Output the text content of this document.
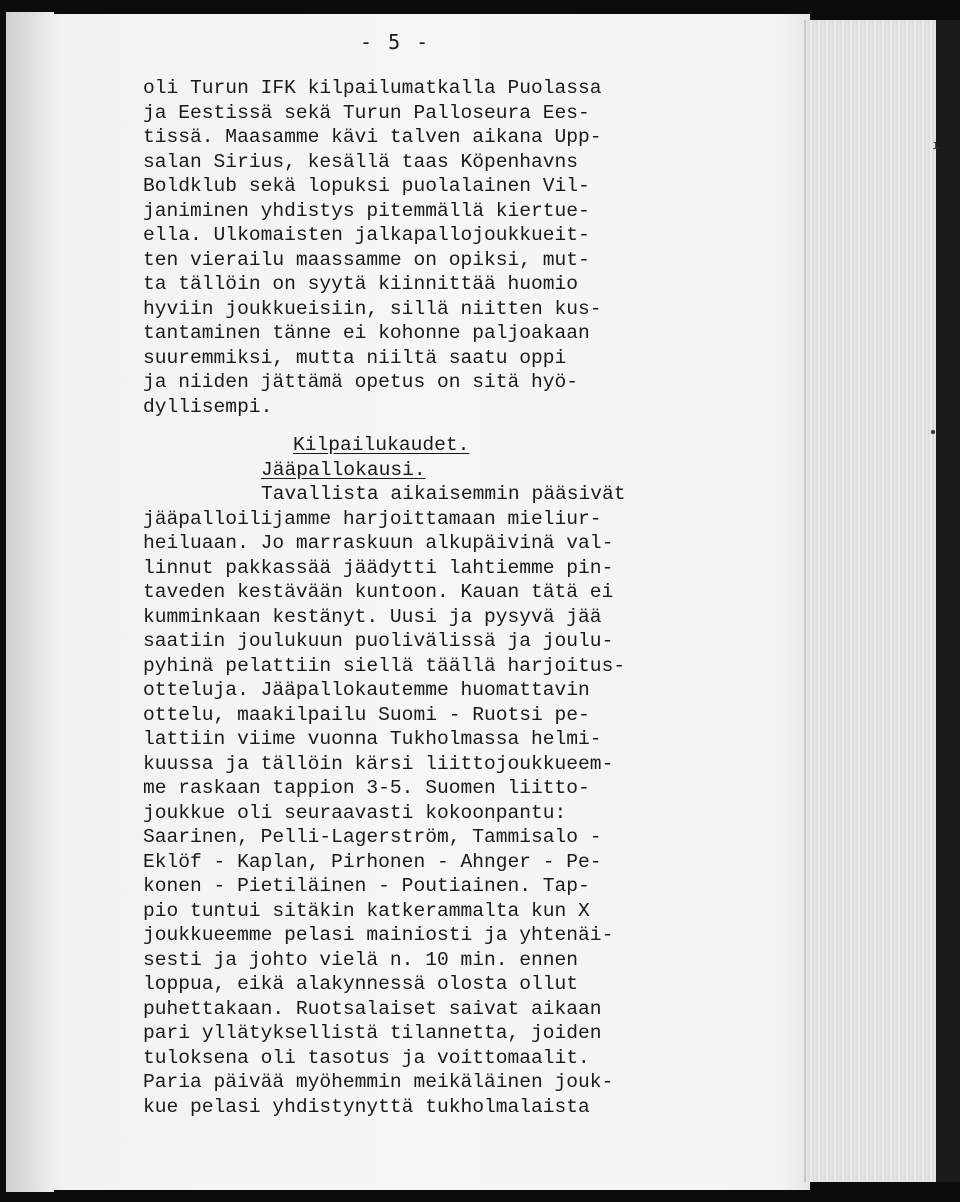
ı
- 5 -
oli Turun IFK kilpailumatkalla Puolassa
ja Eestissä sekä Turun Palloseura Ees-
tissä. Maasamme kävi talven aikana Upp-
salan Sirius, kesällä taas Köpenhavns
Boldklub sekä lopuksi puolalainen Vil-
janiminen yhdistys pitemmällä kiertue-
ella. Ulkomaisten jalkapallojoukkueit-
ten vierailu maassamme on opiksi, mut-
ta tällöin on syytä kiinnittää huomio
hyviin joukkueisiin, sillä niitten kus-
tantaminen tänne ei kohonne paljoakaan
suuremmiksi, mutta niiltä saatu oppi
ja niiden jättämä opetus on sitä hyö-
dyllisempi.
Kilpailukaudet.
Jääpallokausi.
Tavallista aikaisemmin pääsivät
jääpalloilijamme harjoittamaan mieliur-
heiluaan. Jo marraskuun alkupäivinä val-
linnut pakkassää jäädytti lahtiemme pin-
taveden kestävään kuntoon. Kauan tätä ei
kumminkaan kestänyt. Uusi ja pysyvä jää
saatiin joulukuun puolivälissä ja joulu-
pyhinä pelattiin siellä täällä harjoitus-
otteluja. Jääpallokautemme huomattavin
ottelu, maakilpailu Suomi - Ruotsi pe-
lattiin viime vuonna Tukholmassa helmi-
kuussa ja tällöin kärsi liittojoukkueem-
me raskaan tappion 3-5. Suomen liitto-
joukkue oli seuraavasti kokoonpantu:
Saarinen, Pelli-Lagerström, Tammisalo -
Eklöf - Kaplan, Pirhonen - Ahnger - Pe-
konen - Pietiläinen - Poutiainen. Tap-
pio tuntui sitäkin katkerammalta kun X
joukkueemme pelasi mainiosti ja yhtenäi-
sesti ja johto vielä n. 10 min. ennen
loppua, eikä alakynnessä olosta ollut
puhettakaan. Ruotsalaiset saivat aikaan
pari yllätyksellistä tilannetta, joiden
tuloksena oli tasotus ja voittomaalit.
Paria päivää myöhemmin meikäläinen jouk-
kue pelasi yhdistynyttä tukholmalaista
